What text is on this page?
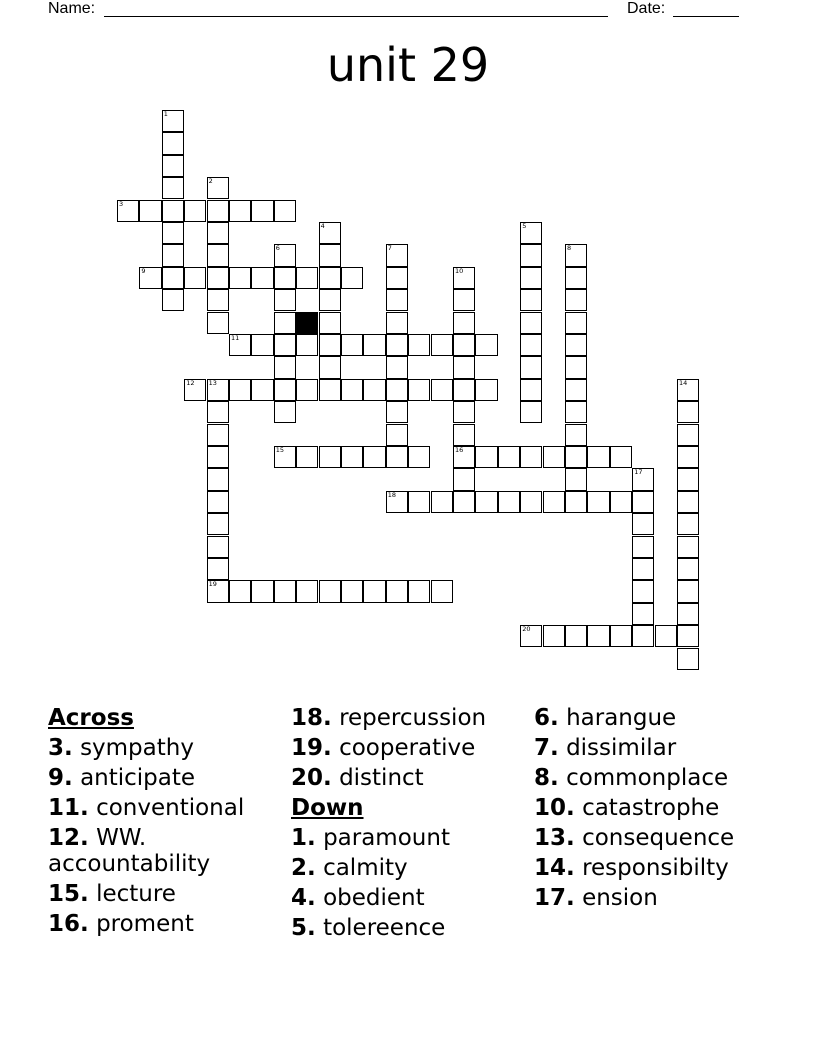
Name:	Date:
unit 29
1
2
3
4	5
6	7	8
9	10
16
11
12 13
19
14
15
17
18
20
Across
3. sympathy
9. anticipate
11. conventional
12. WW. accountability
15. lecture
16. proment
18. repercussion
19. cooperative
20. distinct
Down
1. paramount
2. calmity
4. obedient
5. tolereence
6. harangue
7. dissimilar
8. commonplace
10. catastrophe
13. consequence
14. responsibilty
17. ension
